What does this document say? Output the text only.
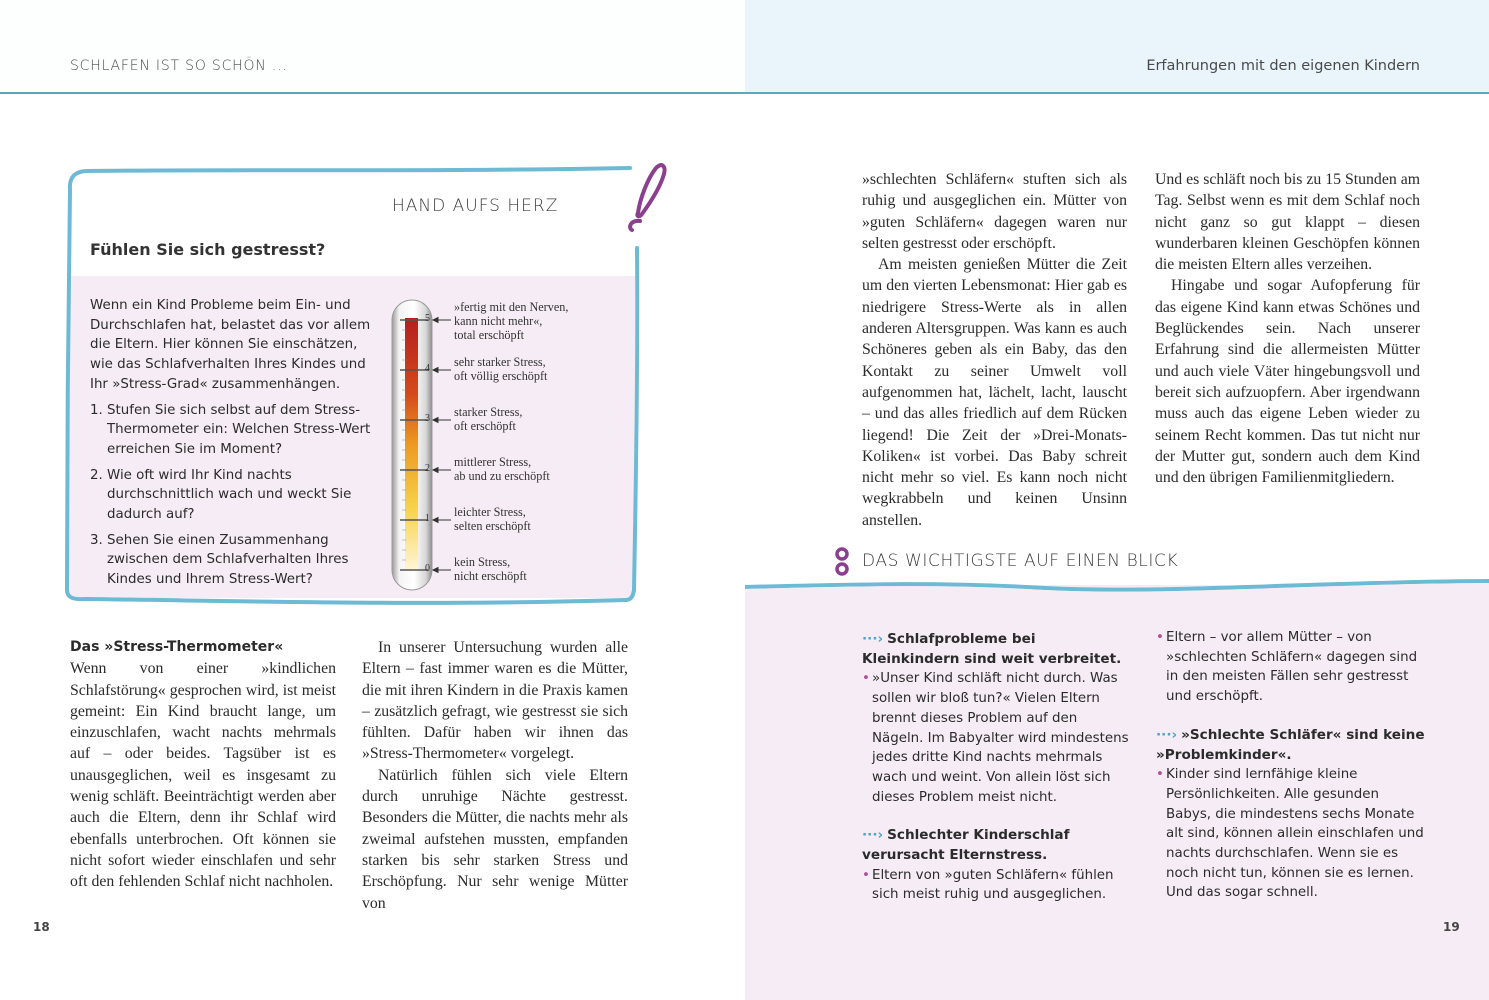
SCHLAFEN IST SO SCHÖN ...	Erfahrungen mit den eigenen Kindern
HAND AUFS HERZ
Fühlen Sie sich gestresst?

Wenn ein Kind Probleme beim Ein- und Durchschlafen hat, belastet das vor allem die Eltern. Hier können Sie einschätzen, wie das Schlafverhalten Ihres Kindes und Ihr »Stress-Grad« zusammenhängen.

1. Stufen Sie sich selbst auf dem Stress-Thermometer ein: Welchen Stress-Wert erreichen Sie im Moment?
2. Wie oft wird Ihr Kind nachts durchschnittlich wach und weckt Sie dadurch auf?
3. Sehen Sie einen Zusammenhang zwischen dem Schlafverhalten Ihres Kindes und Ihrem Stress-Wert?
5
4
3
2
1
0
»fertig mit den Nerven,
kann nicht mehr«,
total erschöpft
sehr starker Stress,
oft völlig erschöpft
starker Stress,
oft erschöpft
mittlerer Stress,
ab und zu erschöpft
leichter Stress,
selten erschöpft
kein Stress,
nicht erschöpft
Das »Stress-Thermometer«

Wenn von einer »kindlichen Schlafstörung« gesprochen wird, ist meist gemeint: Ein Kind braucht lange, um einzuschlafen, wacht nachts mehrmals auf – oder beides. Tagsüber ist es unausgeglichen, weil es insgesamt zu wenig schläft. Beeinträchtigt werden aber auch die Eltern, denn ihr Schlaf wird ebenfalls unterbrochen. Oft können sie nicht sofort wieder einschlafen und sehr oft den fehlenden Schlaf nicht nachholen.

In unserer Untersuchung wurden alle Eltern – fast immer waren es die Mütter, die mit ihren Kindern in die Praxis kamen – zusätzlich gefragt, wie gestresst sie sich fühlten. Dafür haben wir ihnen das »Stress-Thermometer« vorgelegt.

Natürlich fühlen sich viele Eltern durch unruhige Nächte gestresst. Besonders die Mütter, die nachts mehr als zweimal aufstehen mussten, empfanden starken bis sehr starken Stress und Erschöpfung. Nur sehr wenige Mütter von

18

»schlechten Schläfern« stuften sich als ruhig und ausgeglichen ein. Mütter von »guten Schläfern« dagegen waren nur selten gestresst oder erschöpft.

Am meisten genießen Mütter die Zeit um den vierten Lebensmonat: Hier gab es niedrigere Stress-Werte als in allen anderen Altersgruppen. Was kann es auch Schöneres geben als ein Baby, das den Kontakt zu seiner Umwelt voll aufgenommen hat, lächelt, lacht, lauscht – und das alles friedlich auf dem Rücken liegend! Die Zeit der »Drei-Monats-Koliken« ist vorbei. Das Baby schreit nicht mehr so viel. Es kann noch nicht wegkrabbeln und keinen Unsinn anstellen.

Und es schläft noch bis zu 15 Stunden am Tag. Selbst wenn es mit dem Schlaf noch nicht ganz so gut klappt – diesen wunderbaren kleinen Geschöpfen können die meisten Eltern alles verzeihen.

Hingabe und sogar Aufopferung für das eigene Kind kann etwas Schönes und Beglückendes sein. Nach unserer Erfahrung sind die allermeisten Mütter und auch viele Väter hingebungsvoll und bereit sich aufzuopfern. Aber irgendwann muss auch das eigene Leben wieder zu seinem Recht kommen. Das tut nicht nur der Mutter gut, sondern auch dem Kind und den übrigen Familienmitgliedern.

DAS WICHTIGSTE AUF EINEN BLICK
···› Schlafprobleme bei Kleinkindern sind weit verbreitet.
• »Unser Kind schläft nicht durch. Was sollen wir bloß tun?« Vielen Eltern brennt dieses Problem auf den Nägeln. Im Babyalter wird mindestens jedes dritte Kind nachts mehrmals wach und weint. Von allein löst sich dieses Problem meist nicht.
···› Schlechter Kinderschlaf verursacht Elternstress.
• Eltern von »guten Schläfern« fühlen sich meist ruhig und ausgeglichen.
• Eltern – vor allem Mütter – von »schlechten Schläfern« dagegen sind in den meisten Fällen sehr gestresst und erschöpft.
···› »Schlechte Schläfer« sind keine »Problemkinder«.
• Kinder sind lernfähige kleine Persönlichkeiten. Alle gesunden Babys, die mindestens sechs Monate alt sind, können allein einschlafen und nachts durchschlafen. Wenn sie es noch nicht tun, können sie es lernen. Und das sogar schnell.
19
